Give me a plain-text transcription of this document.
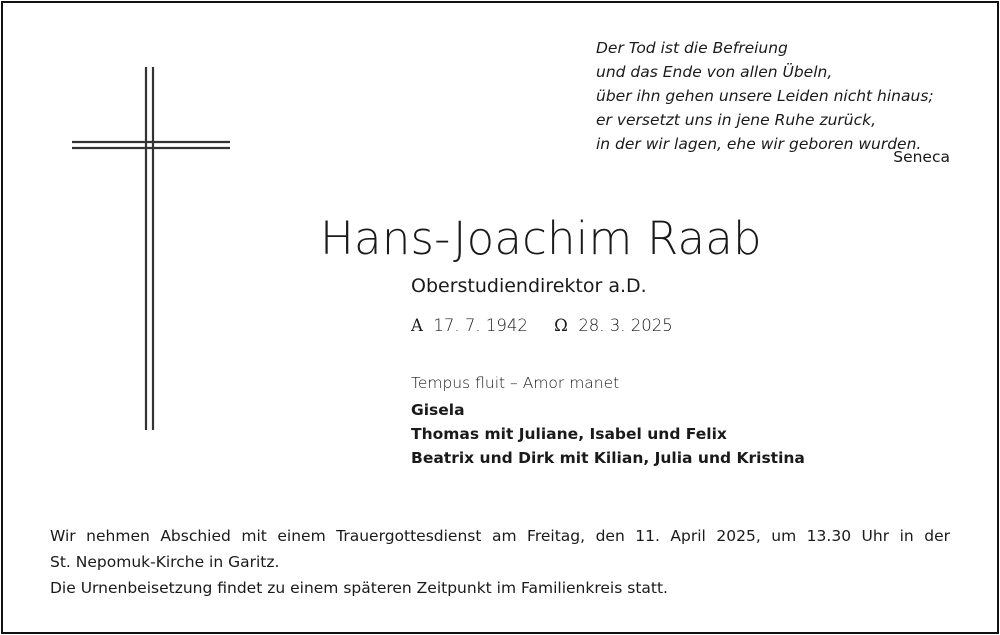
Der Tod ist die Befreiung
und das Ende von allen Übeln,
über ihn gehen unsere Leiden nicht hinaus;
er versetzt uns in jene Ruhe zurück,
in der wir lagen, ehe wir geboren wurden.
Seneca
Hans-Joachim Raab
Oberstudiendirektor a.D.
A 17. 7. 1942 Ω 28. 3. 2025
Tempus fluit – Amor manet
Gisela
Thomas mit Juliane, Isabel und Felix
Beatrix und Dirk mit Kilian, Julia und Kristina
Wir nehmen Abschied mit einem Trauergottesdienst am Freitag, den 11. April 2025, um 13.30 Uhr in der
St. Nepomuk-Kirche in Garitz.
Die Urnenbeisetzung findet zu einem späteren Zeitpunkt im Familienkreis statt.
